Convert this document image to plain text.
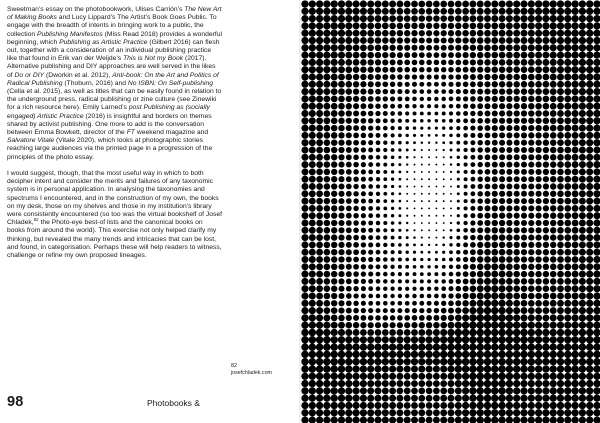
Sweetman’s essay on the photobookwork, Ulises Carrión’s The New Art of Making Books and Lucy Lippard’s The Artist’s Book Goes Public. To engage with the breadth of intents in bringing work to a public, the collection Publishing Manifestos (Miss Read 2018) provides a wonderful beginning, which Publishing as Artistic Practice (Gilbert 2016) can flesh out, together with a consideration of an individual publishing practice like that found in Erik van der Weijde’s This is Not my Book (2017). Alternative publishing and DIY approaches are well served in the likes of Do or DIY (Dworkin et al. 2012), Anti-book: On the Art and Politics of Radical Publishing (Thoburn, 2016) and No ISBN: On Self-publishing (Cella et al. 2015), as well as titles that can be easily found in relation to the underground press, radical publishing or zine culture (see Zinewiki for a rich resource here). Emily Larned’s post Publishing as (socially engaged) Artistic Practice (2016) is insightful and borders on themes shared by activist publishing. One more to add is the conversation between Emma Bowkett, director of the FT weekend magazine and Salvatore Vitale (Vitale 2020), which looks at photographic stories reaching large audiences via the printed page in a progression of the principles of the photo essay.

I would suggest, though, that the most useful way in which to both decipher intent and consider the merits and failures of any taxonomic system is in personal application. In analysing the taxonomies and spectrums I encountered, and in the construction of my own, the books on my desk, those on my shelves and those in my institution’s library were consistently encountered (so too was the virtual bookshelf of Josef Chladek,$^{82}$ the Photo-eye best-of lists and the canonical books on books from around the world). This exercise not only helped clarify my thinking, but revealed the many trends and intricacies that can be lost, and found, in categorisation. Perhaps these will help readers to witness, challenge or refine my own proposed lineages.

82
josefchladek.com
98	Photobooks &
